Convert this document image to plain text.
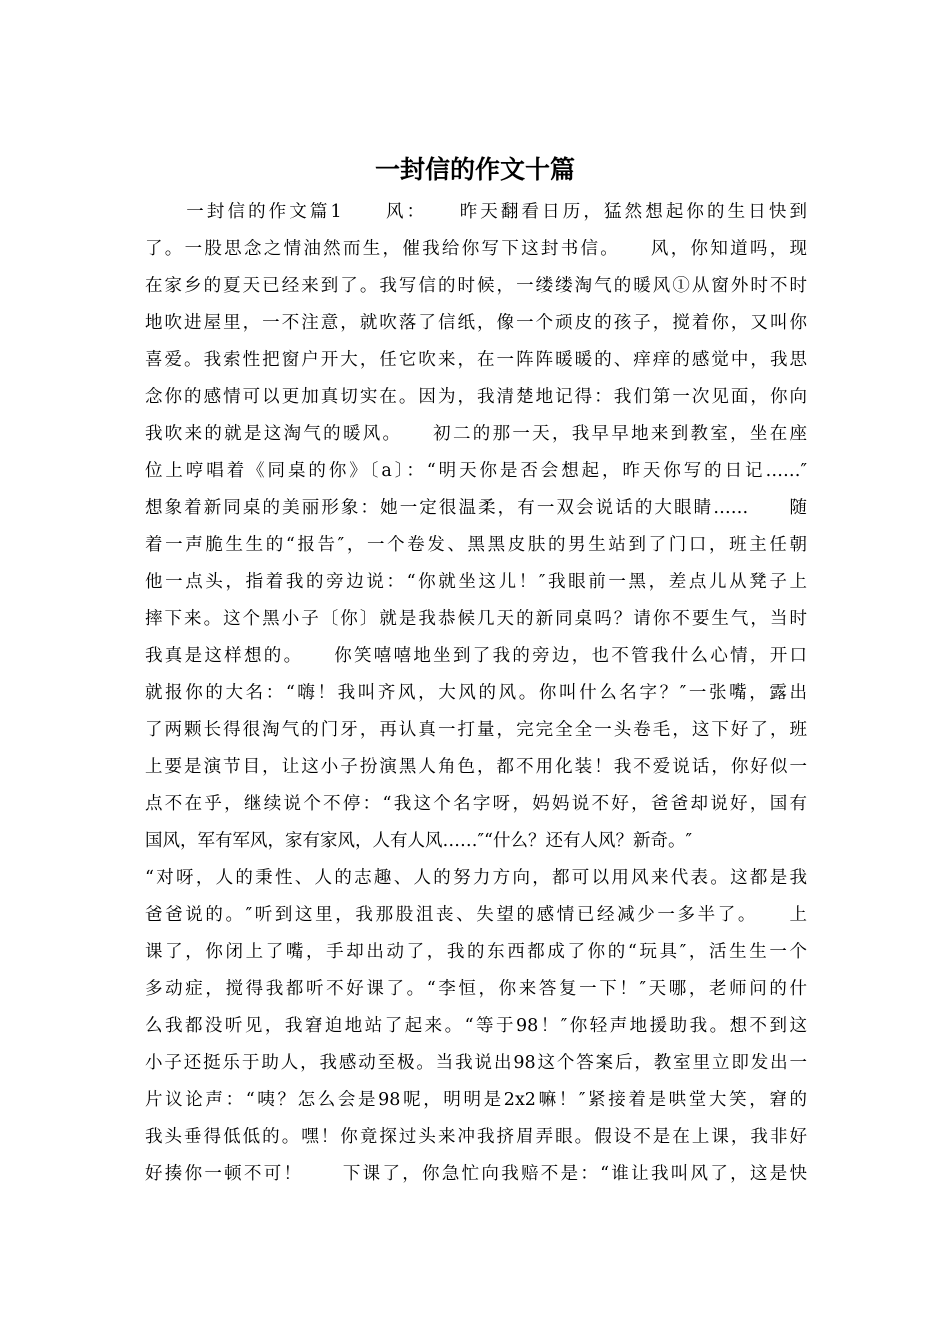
一封信的作文十篇
　　一封信的作文篇1　　风：　　昨天翻看日历，猛然想起你的生日快到
了。一股思念之情油然而生，催我给你写下这封书信。　　风，你知道吗，现
在家乡的夏天已经来到了。我写信的时候，一缕缕淘气的暖风①从窗外时不时
地吹进屋里，一不注意，就吹落了信纸，像一个顽皮的孩子，搅着你，又叫你
喜爱。我索性把窗户开大，任它吹来，在一阵阵暖暖的、痒痒的感觉中，我思
念你的感情可以更加真切实在。因为，我清楚地记得：我们第一次见面，你向
我吹来的就是这淘气的暖风。　　初二的那一天，我早早地来到教室，坐在座
位上哼唱着《同桌的你》〔a〕：“明天你是否会想起，昨天你写的日记……″
想象着新同桌的美丽形象：她一定很温柔，有一双会说话的大眼睛……　　随
着一声脆生生的“报告″，一个卷发、黑黑皮肤的男生站到了门口，班主任朝
他一点头，指着我的旁边说：“你就坐这儿！″我眼前一黑，差点儿从凳子上
摔下来。这个黑小子〔你〕就是我恭候几天的新同桌吗？请你不要生气，当时
我真是这样想的。　　你笑嘻嘻地坐到了我的旁边，也不管我什么心情，开口
就报你的大名：“嗨！我叫齐风，大风的风。你叫什么名字？″一张嘴，露出
了两颗长得很淘气的门牙，再认真一打量，完完全全一头卷毛，这下好了，班
上要是演节目，让这小子扮演黑人角色，都不用化装！我不爱说话，你好似一
点不在乎，继续说个不停：“我这个名字呀，妈妈说不好，爸爸却说好，国有
国风，军有军风，家有家风，人有人风……″“什么？还有人风？新奇。″
“对呀，人的秉性、人的志趣、人的努力方向，都可以用风来代表。这都是我
爸爸说的。″听到这里，我那股沮丧、失望的感情已经减少一多半了。　　上
课了，你闭上了嘴，手却出动了，我的东西都成了你的“玩具″，活生生一个
多动症，搅得我都听不好课了。“李恒，你来答复一下！″天哪，老师问的什
么我都没听见，我窘迫地站了起来。“等于98！″你轻声地援助我。想不到这
小子还挺乐于助人，我感动至极。当我说出98这个答案后，教室里立即发出一
片议论声：“咦？怎么会是98呢，明明是2x2嘛！″紧接着是哄堂大笑，窘的
我头垂得低低的。嘿！你竟探过头来冲我挤眉弄眼。假设不是在上课，我非好
好揍你一顿不可！　　下课了，你急忙向我赔不是：“谁让我叫风了，这是快
